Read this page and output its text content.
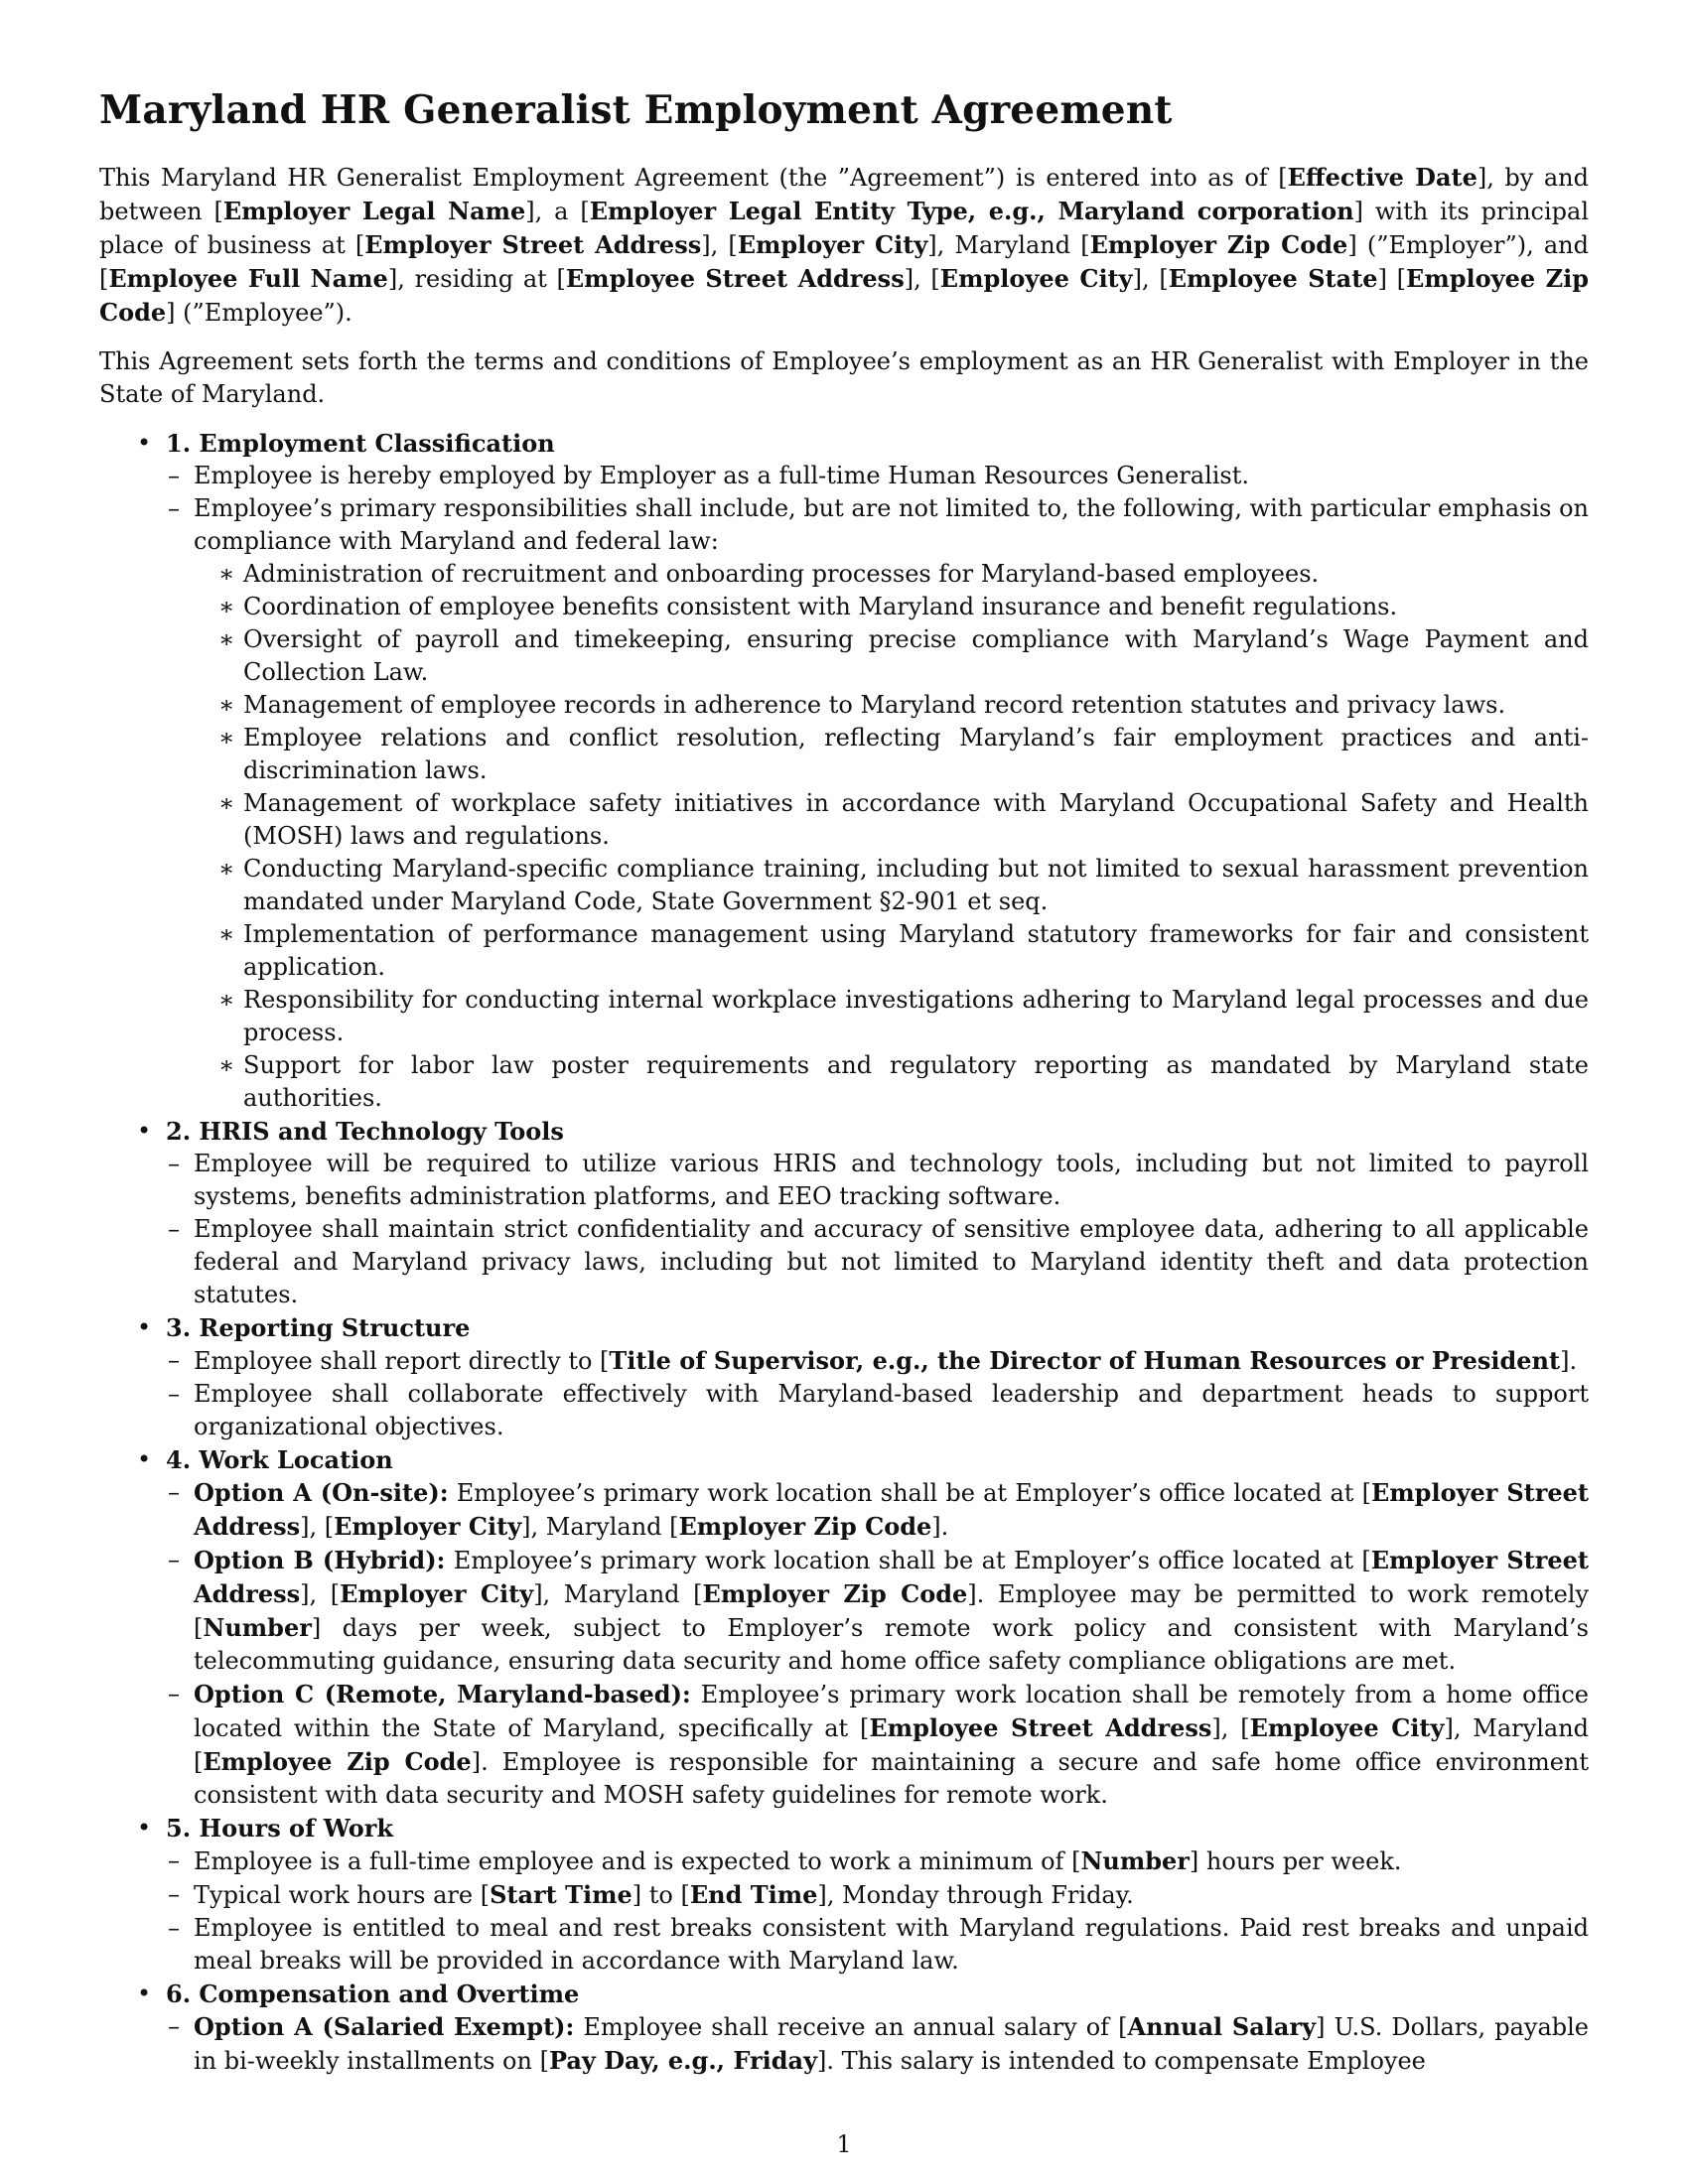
Maryland HR Generalist Employment Agreement

This Maryland HR Generalist Employment Agreement (the ”Agreement”) is entered into as of [Effective Date], by and between [Employer Legal Name], a [Employer Legal Entity Type, e.g., Maryland corporation] with its principal place of business at [Employer Street Address], [Employer City], Maryland [Employer Zip Code] (”Employer”), and [Employee Full Name], residing at [Employee Street Address], [Employee City], [Employee State] [Employee Zip Code] (”Employee”).

This Agreement sets forth the terms and conditions of Employee’s employment as an HR Generalist with Employer in the State of Maryland.

• 1. Employment Classification
– Employee is hereby employed by Employer as a full-time Human Resources Generalist.
– Employee’s primary responsibilities shall include, but are not limited to, the following, with particular emphasis on compliance with Maryland and federal law:
∗ Administration of recruitment and onboarding processes for Maryland-based employees.
∗ Coordination of employee benefits consistent with Maryland insurance and benefit regulations.
∗ Oversight of payroll and timekeeping, ensuring precise compliance with Maryland’s Wage Payment and Collection Law.
∗ Management of employee records in adherence to Maryland record retention statutes and privacy laws.
∗ Employee relations and conflict resolution, reflecting Maryland’s fair employment practices and anti-discrimination laws.
∗ Management of workplace safety initiatives in accordance with Maryland Occupational Safety and Health (MOSH) laws and regulations.
∗ Conducting Maryland-specific compliance training, including but not limited to sexual harassment prevention mandated under Maryland Code, State Government §2-901 et seq.
∗ Implementation of performance management using Maryland statutory frameworks for fair and consistent application.
∗ Responsibility for conducting internal workplace investigations adhering to Maryland legal processes and due process.
∗ Support for labor law poster requirements and regulatory reporting as mandated by Maryland state authorities.
• 2. HRIS and Technology Tools
– Employee will be required to utilize various HRIS and technology tools, including but not limited to payroll systems, benefits administration platforms, and EEO tracking software.
– Employee shall maintain strict confidentiality and accuracy of sensitive employee data, adhering to all applicable federal and Maryland privacy laws, including but not limited to Maryland identity theft and data protection statutes.
• 3. Reporting Structure
– Employee shall report directly to [Title of Supervisor, e.g., the Director of Human Resources or President].
– Employee shall collaborate effectively with Maryland-based leadership and department heads to support organizational objectives.
• 4. Work Location
– Option A (On-site): Employee’s primary work location shall be at Employer’s office located at [Employer Street Address], [Employer City], Maryland [Employer Zip Code].
– Option B (Hybrid): Employee’s primary work location shall be at Employer’s office located at [Employer Street Address], [Employer City], Maryland [Employer Zip Code]. Employee may be permitted to work remotely [Number] days per week, subject to Employer’s remote work policy and consistent with Maryland’s telecommuting guidance, ensuring data security and home office safety compliance obligations are met.
– Option C (Remote, Maryland-based): Employee’s primary work location shall be remotely from a home office located within the State of Maryland, specifically at [Employee Street Address], [Employee City], Maryland [Employee Zip Code]. Employee is responsible for maintaining a secure and safe home office environment consistent with data security and MOSH safety guidelines for remote work.
• 5. Hours of Work
– Employee is a full-time employee and is expected to work a minimum of [Number] hours per week.
– Typical work hours are [Start Time] to [End Time], Monday through Friday.
– Employee is entitled to meal and rest breaks consistent with Maryland regulations. Paid rest breaks and unpaid meal breaks will be provided in accordance with Maryland law.
• 6. Compensation and Overtime
– Option A (Salaried Exempt): Employee shall receive an annual salary of [Annual Salary] U.S. Dollars, payable in bi-weekly installments on [Pay Day, e.g., Friday]. This salary is intended to compensate Employee
1
